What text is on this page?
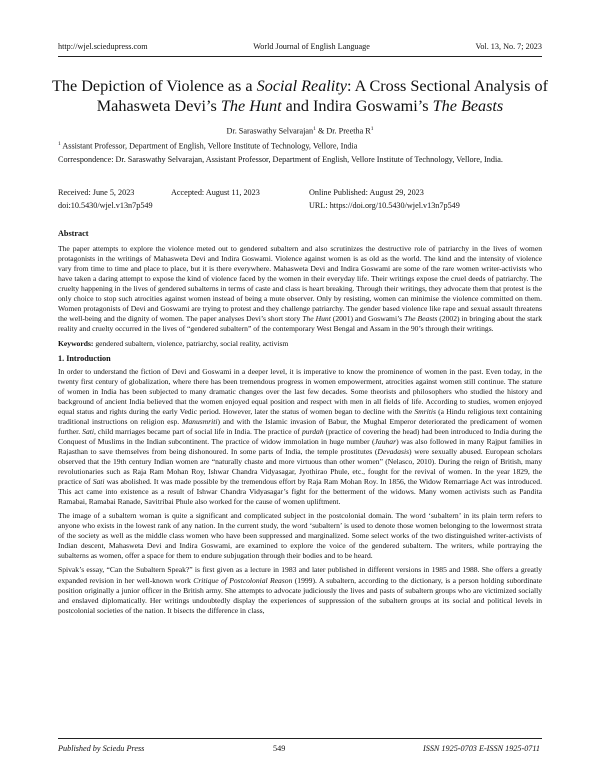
http://wjel.sciedupress.com	World Journal of English Language	Vol. 13, No. 7; 2023
The Depiction of Violence as a Social Reality: A Cross Sectional Analysis of Mahasweta Devi’s The Hunt and Indira Goswami’s The Beasts
Dr. Saraswathy Selvarajan$^1$ & Dr. Preetha $R^1$
$^1$ Assistant Professor, Department of English, Vellore Institute of Technology, Vellore, India
Correspondence: Dr. Saraswathy Selvarajan, Assistant Professor, Department of English, Vellore Institute of Technology, Vellore, India.
Received: June 5, 2023	Accepted: August 11, 2023	Online Published: August 29, 2023
doi:10.5430/wjel.v13n7p549	URL: https://doi.org/10.5430/wjel.v13n7p549
Abstract

The paper attempts to explore the violence meted out to gendered subaltern and also scrutinizes the destructive role of patriarchy in the lives of women protagonists in the writings of Mahasweta Devi and Indira Goswami. Violence against women is as old as the world. The kind and the intensity of violence vary from time to time and place to place, but it is there everywhere. Mahasweta Devi and Indira Goswami are some of the rare women writer-activists who have taken a daring attempt to expose the kind of violence faced by the women in their everyday life. Their writings expose the cruel deeds of patriarchy. The cruelty happening in the lives of gendered subalterns in terms of caste and class is heart breaking. Through their writings, they advocate them that protest is the only choice to stop such atrocities against women instead of being a mute observer. Only by resisting, women can minimise the violence committed on them. Women protagonists of Devi and Goswami are trying to protest and they challenge patriarchy. The gender based violence like rape and sexual assault threatens the well-being and the dignity of women. The paper analyses Devi’s short story The Hunt (2001) and Goswami’s The Beasts (2002) in bringing about the stark reality and cruelty occurred in the lives of “gendered subaltern” of the contemporary West Bengal and Assam in the 90’s through their writings.

Keywords: gendered subaltern, violence, patriarchy, social reality, activism

1. Introduction

In order to understand the fiction of Devi and Goswami in a deeper level, it is imperative to know the prominence of women in the past. Even today, in the twenty first century of globalization, where there has been tremendous progress in women empowerment, atrocities against women still continue. The stature of women in India has been subjected to many dramatic changes over the last few decades. Some theorists and philosophers who studied the history and background of ancient India believed that the women enjoyed equal position and respect with men in all fields of life. According to studies, women enjoyed equal status and rights during the early Vedic period. However, later the status of women began to decline with the Smritis (a Hindu religious text containing traditional instructions on religion esp. Manusmriti) and with the Islamic invasion of Babur, the Mughal Emperor deteriorated the predicament of women further. Sati, child marriages became part of social life in India. The practice of purdah (practice of covering the head) had been introduced to India during the Conquest of Muslims in the Indian subcontinent. The practice of widow immolation in huge number (Jauhar) was also followed in many Rajput families in Rajasthan to save themselves from being dishonoured. In some parts of India, the temple prostitutes (Devadasis) were sexually abused. European scholars observed that the 19th century Indian women are “naturally chaste and more virtuous than other women” (Nelasco, 2010). During the reign of British, many revolutionaries such as Raja Ram Mohan Roy, Ishwar Chandra Vidyasagar, Jyothirao Phule, etc., fought for the revival of women. In the year 1829, the practice of Sati was abolished. It was made possible by the tremendous effort by Raja Ram Mohan Roy. In 1856, the Widow Remarriage Act was introduced. This act came into existence as a result of Ishwar Chandra Vidyasagar’s fight for the betterment of the widows. Many women activists such as Pandita Ramabai, Ramabai Ranade, Savitribai Phule also worked for the cause of women upliftment.

The image of a subaltern woman is quite a significant and complicated subject in the postcolonial domain. The word ‘subaltern’ in its plain term refers to anyone who exists in the lowest rank of any nation. In the current study, the word ‘subaltern’ is used to denote those women belonging to the lowermost strata of the society as well as the middle class women who have been suppressed and marginalized. Some select works of the two distinguished writer-activists of Indian descent, Mahasweta Devi and Indira Goswami, are examined to explore the voice of the gendered subaltern. The writers, while portraying the subalterns as women, offer a space for them to endure subjugation through their bodies and to be heard.

Spivak’s essay, “Can the Subaltern Speak?” is first given as a lecture in 1983 and later published in different versions in 1985 and 1988. She offers a greatly expanded revision in her well-known work Critique of Postcolonial Reason (1999). A subaltern, according to the dictionary, is a person holding subordinate position originally a junior officer in the British army. She attempts to advocate judiciously the lives and pasts of subaltern groups who are victimized socially and enslaved diplomatically. Her writings undoubtedly display the experiences of suppression of the subaltern groups at its social and political levels in postcolonial societies of the nation. It bisects the difference in class,

Published by Sciedu Press	549	ISSN 1925-0703 E-ISSN 1925-0711
